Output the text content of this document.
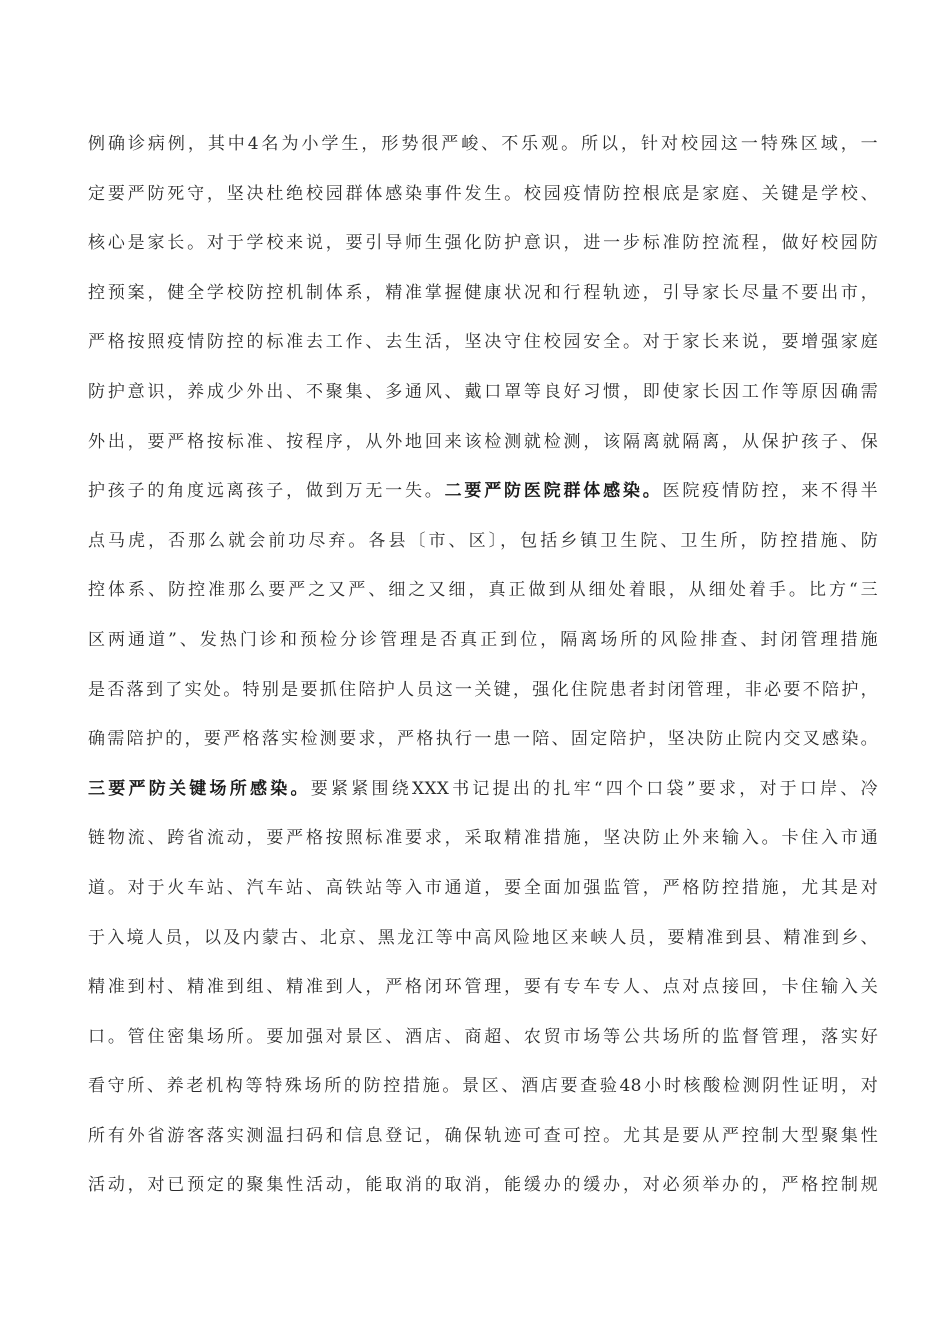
例确诊病例，其中4名为小学生，形势很严峻、不乐观。所以，针对校园这一特殊区域，一
定要严防死守，坚决杜绝校园群体感染事件发生。校园疫情防控根底是家庭、关键是学校、
核心是家长。对于学校来说，要引导师生强化防护意识，进一步标准防控流程，做好校园防
控预案，健全学校防控机制体系，精准掌握健康状况和行程轨迹，引导家长尽量不要出市，
严格按照疫情防控的标准去工作、去生活，坚决守住校园安全。对于家长来说，要增强家庭
防护意识，养成少外出、不聚集、多通风、戴口罩等良好习惯，即使家长因工作等原因确需
外出，要严格按标准、按程序，从外地回来该检测就检测，该隔离就隔离，从保护孩子、保
护孩子的角度远离孩子，做到万无一失。二要严防医院群体感染。医院疫情防控，来不得半
点马虎，否那么就会前功尽弃。各县〔市、区〕，包括乡镇卫生院、卫生所，防控措施、防
控体系、防控准那么要严之又严、细之又细，真正做到从细处着眼，从细处着手。比方“三
区两通道”、发热门诊和预检分诊管理是否真正到位，隔离场所的风险排查、封闭管理措施
是否落到了实处。特别是要抓住陪护人员这一关键，强化住院患者封闭管理，非必要不陪护，
确需陪护的，要严格落实检测要求，严格执行一患一陪、固定陪护，坚决防止院内交叉感染。
三要严防关键场所感染。要紧紧围绕XXX书记提出的扎牢“四个口袋”要求，对于口岸、冷
链物流、跨省流动，要严格按照标准要求，采取精准措施，坚决防止外来输入。卡住入市通
道。对于火车站、汽车站、高铁站等入市通道，要全面加强监管，严格防控措施，尤其是对
于入境人员，以及内蒙古、北京、黑龙江等中高风险地区来峡人员，要精准到县、精准到乡、
精准到村、精准到组、精准到人，严格闭环管理，要有专车专人、点对点接回，卡住输入关
口。管住密集场所。要加强对景区、酒店、商超、农贸市场等公共场所的监督管理，落实好
看守所、养老机构等特殊场所的防控措施。景区、酒店要查验48小时核酸检测阴性证明，对
所有外省游客落实测温扫码和信息登记，确保轨迹可查可控。尤其是要从严控制大型聚集性
活动，对已预定的聚集性活动，能取消的取消，能缓办的缓办，对必须举办的，严格控制规
